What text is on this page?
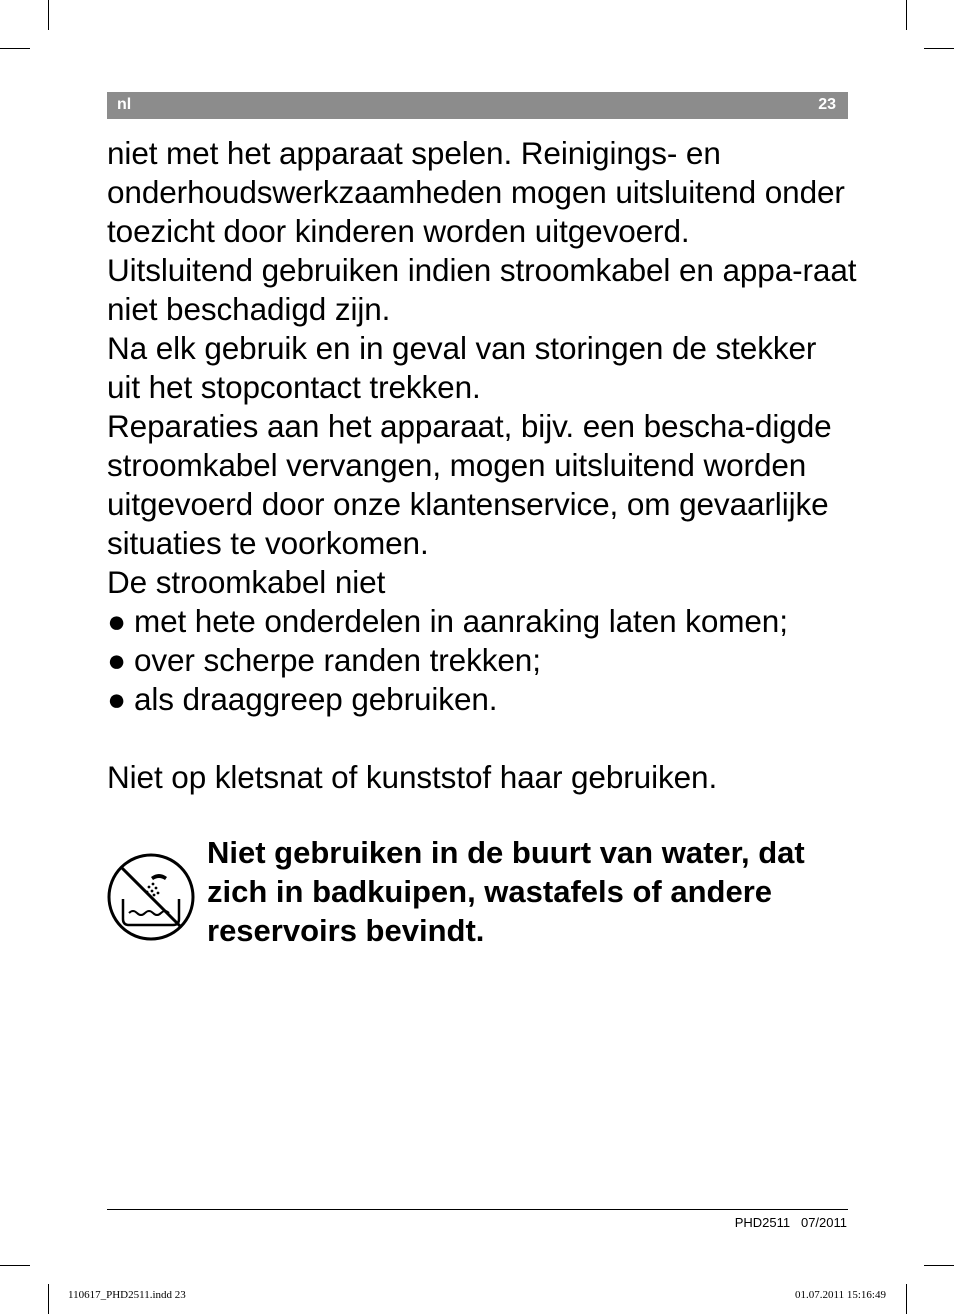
nl	23

niet met het apparaat spelen. Reinigings- en onderhoudswerkzaamheden mogen uitsluitend onder toezicht door kinderen worden uitgevoerd.

Uitsluitend gebruiken indien stroomkabel en appa-raat niet beschadigd zijn.

Na elk gebruik en in geval van storingen de stekker uit het stopcontact trekken.

Reparaties aan het apparaat, bijv. een bescha-digde stroomkabel vervangen, mogen uitsluitend worden uitgevoerd door onze klantenservice, om gevaarlijke situaties te voorkomen.

De stroomkabel niet

● met hete onderdelen in aanraking laten komen;
● over scherpe randen trekken;
● als draaggreep gebruiken.

Niet op kletsnat of kunststof haar gebruiken.

Niet gebruiken in de buurt van water, dat zich in badkuipen, wastafels of andere reservoirs bevindt.
PHD2511   07/2011
110617_PHD2511.indd 23	01.07.2011 15:16:49
